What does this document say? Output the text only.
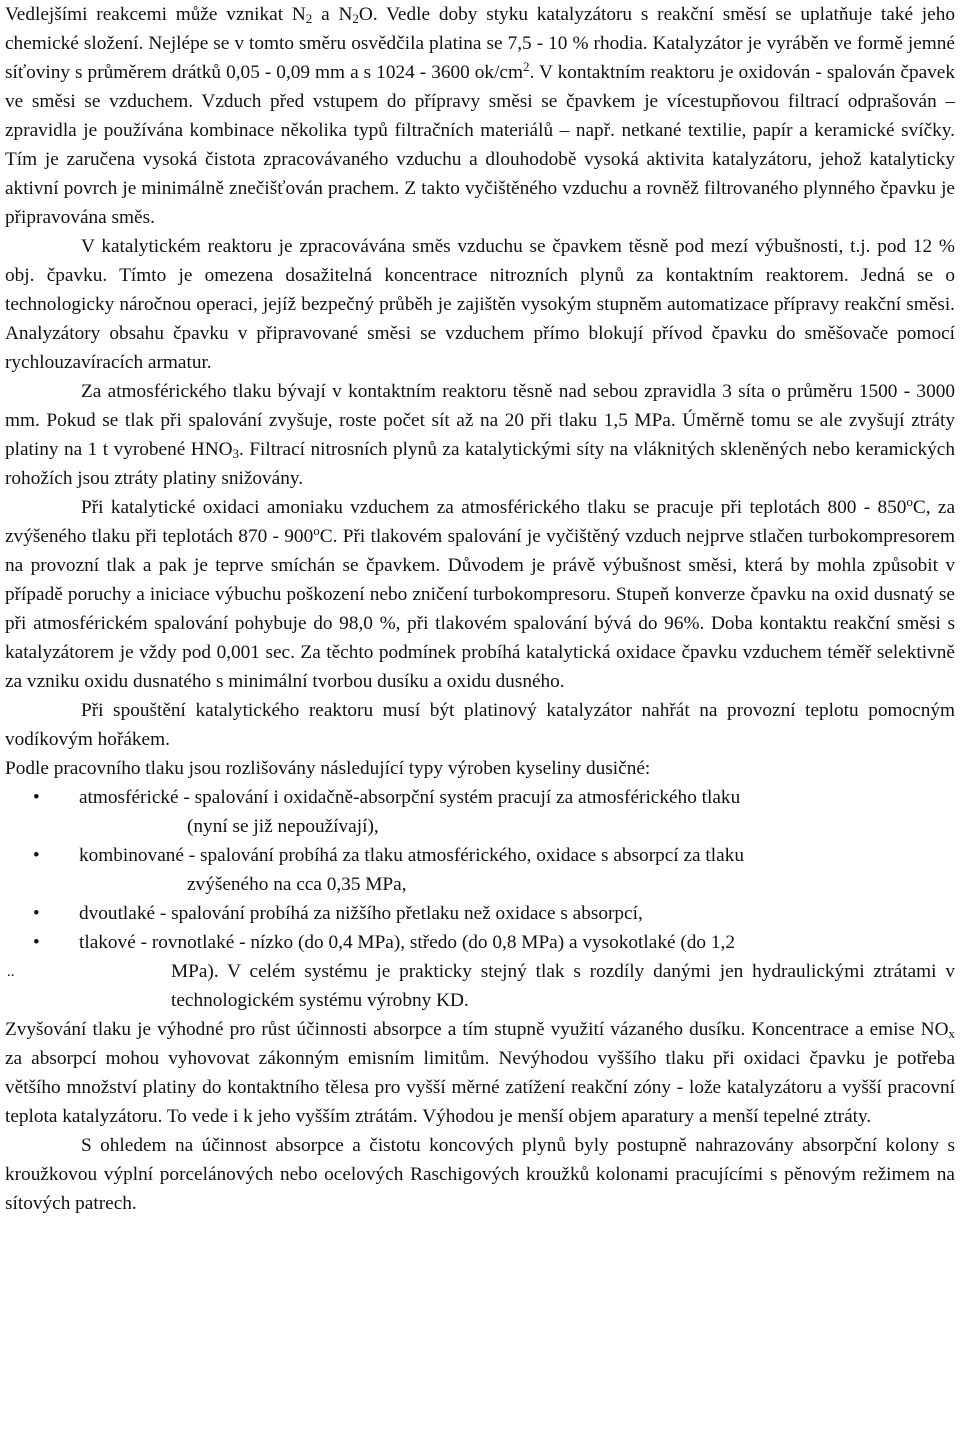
Vedlejšími reakcemi může vznikat $N_2$ a $N_2O$. Vedle doby styku katalyzátoru s reakční směsí se uplatňuje také jeho chemické složení. Nejlépe se v tomto směru osvědčila platina se 7,5 - 10 % rhodia. Katalyzátor je vyráběn ve formě jemné síťoviny s průměrem drátků 0,05 - 0,09 mm a s 1024 - 3600 $ok/cm^2$. V kontaktním reaktoru je oxidován - spalován čpavek ve směsi se vzduchem. Vzduch před vstupem do přípravy směsi se čpavkem je vícestupňovou filtrací odprašován – zpravidla je používána kombinace několika typů filtračních materiálů – např. netkané textilie, papír a keramické svíčky. Tím je zaručena vysoká čistota zpracovávaného vzduchu a dlouhodobě vysoká aktivita katalyzátoru, jehož katalyticky aktivní povrch je minimálně znečišťován prachem. Z takto vyčištěného vzduchu a rovněž filtrovaného plynného čpavku je připravována směs.

V katalytickém reaktoru je zpracovávána směs vzduchu se čpavkem těsně pod mezí výbušnosti, t.j. pod 12 % obj. čpavku. Tímto je omezena dosažitelná koncentrace nitrozních plynů za kontaktním reaktorem. Jedná se o technologicky náročnou operaci, jejíž bezpečný průběh je zajištěn vysokým stupněm automatizace přípravy reakční směsi. Analyzátory obsahu čpavku v připravované směsi se vzduchem přímo blokují přívod čpavku do směšovače pomocí rychlouzavíracích armatur.

Za atmosférického tlaku bývají v kontaktním reaktoru těsně nad sebou zpravidla 3 síta o průměru 1500 - 3000 mm. Pokud se tlak při spalování zvyšuje, roste počet sít až na 20 při tlaku 1,5 MPa. Úměrně tomu se ale zvyšují ztráty platiny na 1 t vyrobené $HNO_3$. Filtrací nitrosních plynů za katalytickými síty na vláknitých skleněných nebo keramických rohožích jsou ztráty platiny snižovány.

Při katalytické oxidaci amoniaku vzduchem za atmosférického tlaku se pracuje při teplotách 800 - 850$^o$C, za zvýšeného tlaku při teplotách 870 - 900$^o$C. Při tlakovém spalování je vyčištěný vzduch nejprve stlačen turbokompresorem na provozní tlak a pak je teprve smíchán se čpavkem. Důvodem je právě výbušnost směsi, která by mohla způsobit v případě poruchy a iniciace výbuchu poškození nebo zničení turbokompresoru. Stupeň konverze čpavku na oxid dusnatý se při atmosférickém spalování pohybuje do 98,0 %, při tlakovém spalování bývá do 96%. Doba kontaktu reakční směsi s katalyzátorem je vždy pod 0,001 sec. Za těchto podmínek probíhá katalytická oxidace čpavku vzduchem téměř selektivně za vzniku oxidu dusnatého s minimální tvorbou dusíku a oxidu dusného.

Při spouštění katalytického reaktoru musí být platinový katalyzátor nahřát na provozní teplotu pomocným vodíkovým hořákem.

Podle pracovního tlaku jsou rozlišovány následující typy výroben kyseliny dusičné:

• atmosférické - spalování i oxidačně-absorpční systém pracují za atmosférického tlaku
(nyní se již nepoužívají),
• kombinované - spalování probíhá za tlaku atmosférického, oxidace s absorpcí za tlaku
zvýšeného na cca 0,35 MPa,
• dvoutlaké - spalování probíhá za nižšího přetlaku než oxidace s absorpcí,
•
..
tlakové - rovnotlaké - nízko (do 0,4 MPa), středo (do 0,8 MPa) a vysokotlaké (do 1,2
MPa). V celém systému je prakticky stejný tlak s rozdíly danými jen hydraulickými ztrátami v technologickém systému výrobny KD.

Zvyšování tlaku je výhodné pro růst účinnosti absorpce a tím stupně využití vázaného dusíku. Koncentrace a emise $NO_x$ za absorpcí mohou vyhovovat zákonným emisním limitům. Nevýhodou vyššího tlaku při oxidaci čpavku je potřeba většího množství platiny do kontaktního tělesa pro vyšší měrné zatížení reakční zóny - lože katalyzátoru a vyšší pracovní teplota katalyzátoru. To vede i k jeho vyšším ztrátám. Výhodou je menší objem aparatury a menší tepelné ztráty.

S ohledem na účinnost absorpce a čistotu koncových plynů byly postupně nahrazovány absorpční kolony s kroužkovou výplní porcelánových nebo ocelových Raschigových kroužků kolonami pracujícími s pěnovým režimem na sítových patrech.
